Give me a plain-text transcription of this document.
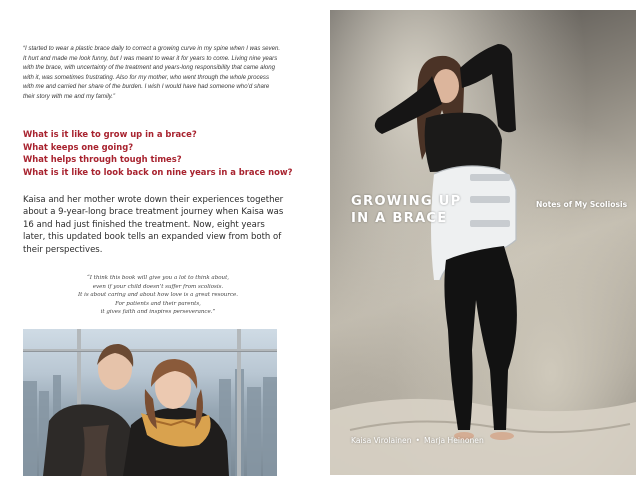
“I started to wear a plastic brace daily to correct a growing curve in my spine when I was seven. It hurt and made me look funny, but I was meant to wear it for years to come. Living nine years with the brace, with uncertainty of the treatment and years-long responsibility that came along with it, was sometimes frustrating. Also for my mother, who went through the whole process with me and carried her share of the burden. I wish I would have had someone who’d share their story with me and my family.”

What is it like to grow up in a brace?
What keeps one going?
What helps through tough times?
What is it like to look back on nine years in a brace now?

Kaisa and her mother wrote down their experiences together about a 9-year-long brace treatment journey when Kaisa was 16 and had just finished the treatment. Now, eight years later, this updated book tells an expanded view from both of their perspectives.

“I think this book will give you a lot to think about,

even if your child doesn’t suffer from scoliosis.

It is about caring and about how love is a great resource.

For patients and their parents,

it gives faith and inspires perseverance.”

GROWING UP
IN A BRACE
Notes of My Scoliosis
Kaisa Virolainen • Marja Heinonen
